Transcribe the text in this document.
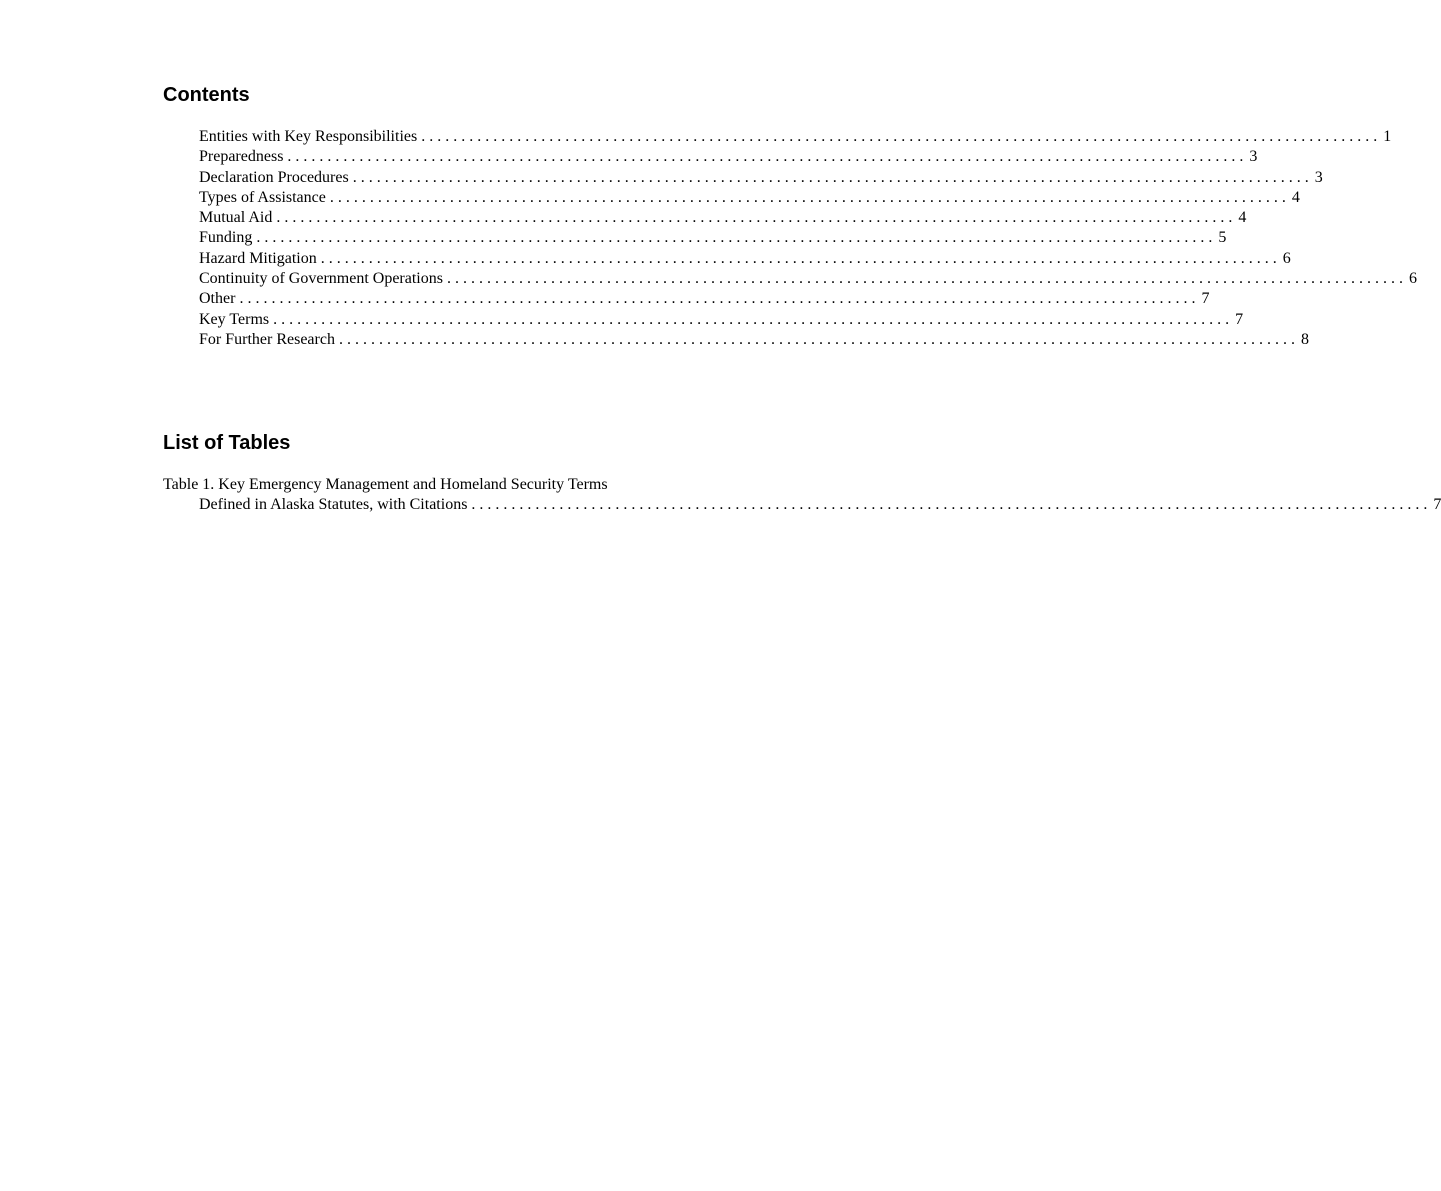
Contents
Entities with Key Responsibilities ........................................................................................................................ 1
Preparedness ........................................................................................................................ 3
Declaration Procedures ........................................................................................................................ 3
Types of Assistance ........................................................................................................................ 4
Mutual Aid ........................................................................................................................ 4
Funding ........................................................................................................................ 5
Hazard Mitigation ........................................................................................................................ 6
Continuity of Government Operations ........................................................................................................................ 6
Other ........................................................................................................................ 7
Key Terms ........................................................................................................................ 7
For Further Research ........................................................................................................................ 8
List of Tables
Table 1. Key Emergency Management and Homeland Security Terms
Defined in Alaska Statutes, with Citations ........................................................................................................................ 7
